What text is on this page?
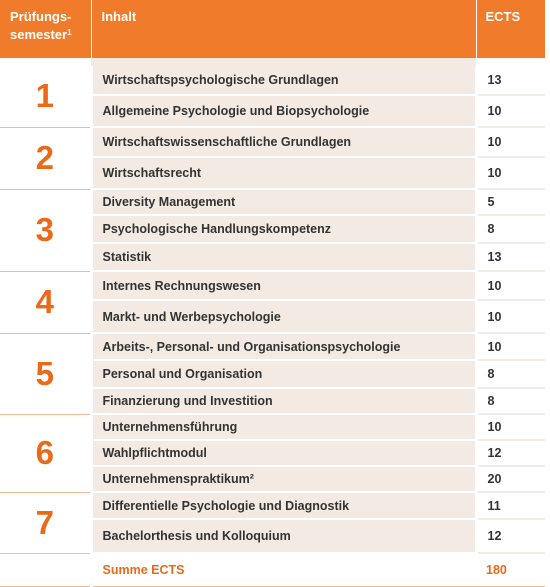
Prüfungs-
semester$^1$	Inhalt	ECTS

1	Wirtschaftspsychologische Grundlagen	13
	Allgemeine Psychologie und Biopsychologie	10
2	Wirtschaftswissenschaftliche Grundlagen	10
	Wirtschaftsrecht	10
3	Diversity Management	5
	Psychologische Handlungskompetenz	8
	Statistik	13
4	Internes Rechnungswesen	10
	Markt- und Werbepsychologie	10
5	Arbeits-, Personal- und Organisationspsychologie	10
	Personal und Organisation	8
	Finanzierung und Investition	8
6	Unternehmensführung	10
	Wahlpflichtmodul	12
	Unternehmenspraktikum²	20
7	Differentielle Psychologie und Diagnostik	11
	Bachelorthesis und Kolloquium	12
	Summe ECTS	180
